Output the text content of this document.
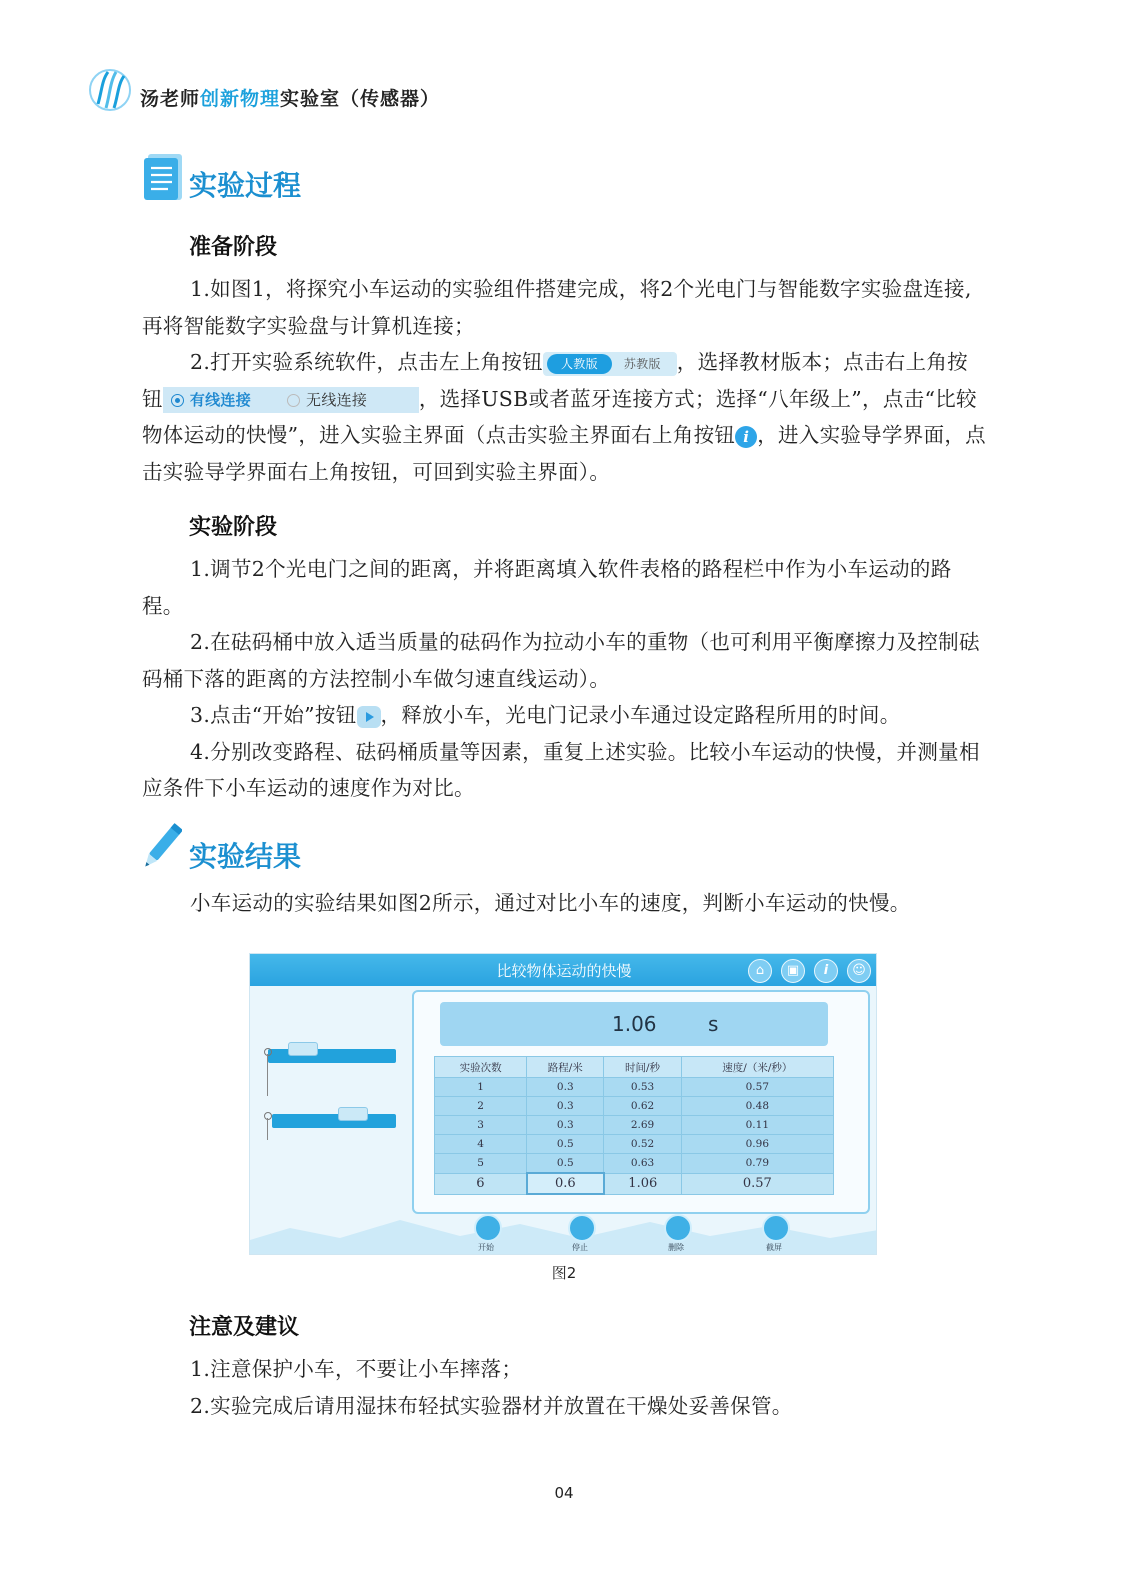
汤老师创新物理实验室（传感器）
实验过程
准备阶段

1.如图1，将探究小车运动的实验组件搭建完成，将2个光电门与智能数字实验盘连接,再将智能数字实验盘与计算机连接；

2.打开实验系统软件，点击左上角按钮 人教版 苏教版 ，选择教材版本；点击右上角按钮 有线连接	无线连接	，选择USB或者蓝牙连接方式；选择“八年级上”，点击“比较物体运动的快慢”，进入实验主界面（点击实验主界面右上角按钮 i ，进入实验导学界面，点击实验导学界面右上角按钮，可回到实验主界面）。

实验阶段

1.调节2个光电门之间的距离，并将距离填入软件表格的路程栏中作为小车运动的路程。

2.在砝码桶中放入适当质量的砝码作为拉动小车的重物（也可利用平衡摩擦力及控制砝码桶下落的距离的方法控制小车做匀速直线运动）。

3.点击“开始”按钮 ，释放小车，光电门记录小车通过设定路程所用的时间。

4.分别改变路程、砝码桶质量等因素，重复上述实验。比较小车运动的快慢，并测量相应条件下小车运动的速度作为对比。

实验结果

小车运动的实验结果如图2所示，通过对比小车的速度，判断小车运动的快慢。

比较物体运动的快慢	⌂	▣	i	☺
1.06	s
实验次数	路程/米	时间/秒	速度/（米/秒）
1	0.3	0.53	0.57
2	0.3	0.62	0.48
3	0.3	2.69	0.11
4	0.5	0.52	0.96
5	0.5	0.63	0.79
6	0.6	1.06	0.57
开始	停止	删除	截屏
图2
注意及建议

1.注意保护小车，不要让小车摔落；

2.实验完成后请用湿抹布轻拭实验器材并放置在干燥处妥善保管。

04
